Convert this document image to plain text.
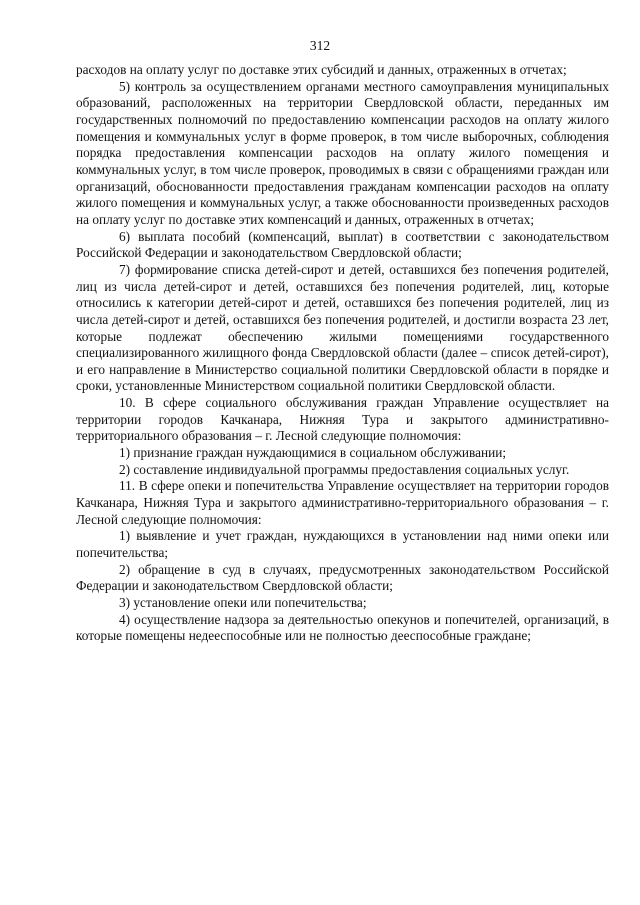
312

расходов на оплату услуг по доставке этих субсидий и данных, отраженных в отчетах;

5) контроль за осуществлением органами местного самоуправления муниципальных образований, расположенных на территории Свердловской области, переданных им государственных полномочий по предоставлению компенсации расходов на оплату жилого помещения и коммунальных услуг в форме проверок, в том числе выборочных, соблюдения порядка предоставления компенсации расходов на оплату жилого помещения и коммунальных услуг, в том числе проверок, проводимых в связи с обращениями граждан или организаций, обоснованности предоставления гражданам компенсации расходов на оплату жилого помещения и коммунальных услуг, а также обоснованности произведенных расходов на оплату услуг по доставке этих компенсаций и данных, отраженных в отчетах;

6) выплата пособий (компенсаций, выплат) в соответствии с законодательством Российской Федерации и законодательством Свердловской области;

7) формирование списка детей-сирот и детей, оставшихся без попечения родителей, лиц из числа детей-сирот и детей, оставшихся без попечения родителей, лиц, которые относились к категории детей-сирот и детей, оставшихся без попечения родителей, лиц из числа детей-сирот и детей, оставшихся без попечения родителей, и достигли возраста 23 лет, которые подлежат обеспечению жилыми помещениями государственного специализированного жилищного фонда Свердловской области (далее – список детей-сирот), и его направление в Министерство социальной политики Свердловской области в порядке и сроки, установленные Министерством социальной политики Свердловской области.

10. В сфере социального обслуживания граждан Управление осуществляет на территории городов Качканара, Нижняя Тура и закрытого административно-территориального образования – г. Лесной следующие полномочия:

1) признание граждан нуждающимися в социальном обслуживании;

2) составление индивидуальной программы предоставления социальных услуг.

11. В сфере опеки и попечительства Управление осуществляет на территории городов Качканара, Нижняя Тура и закрытого административно-территориального образования – г. Лесной следующие полномочия:

1) выявление и учет граждан, нуждающихся в установлении над ними опеки или попечительства;

2) обращение в суд в случаях, предусмотренных законодательством Российской Федерации и законодательством Свердловской области;

3) установление опеки или попечительства;

4) осуществление надзора за деятельностью опекунов и попечителей, организаций, в которые помещены недееспособные или не полностью дееспособные граждане;
